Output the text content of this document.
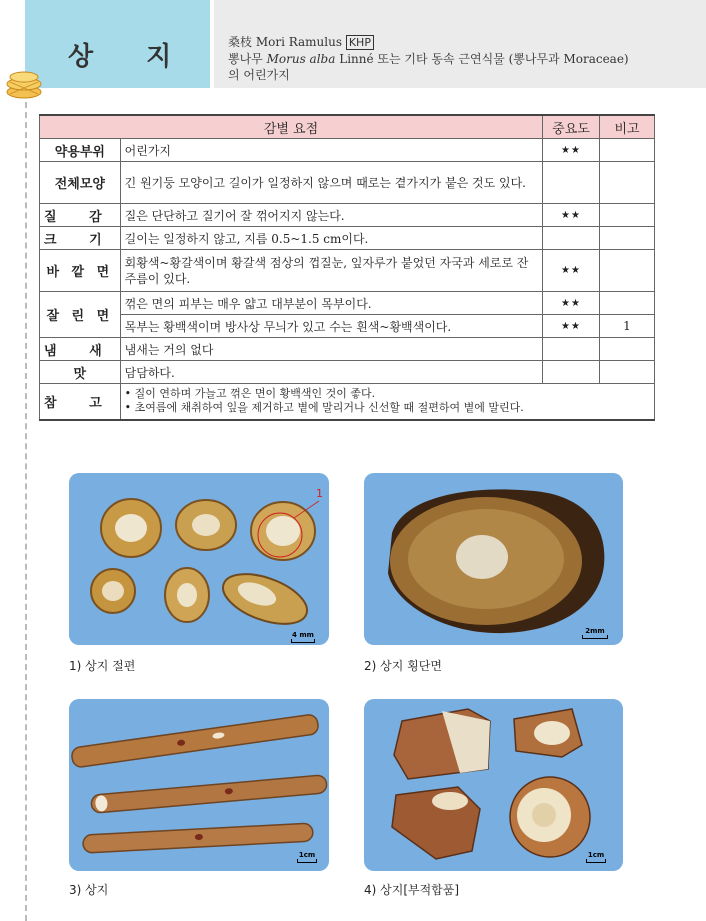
상 지	桑枝 Mori Ramulus KHP
뽕나무 Morus alba Linné 또는 기타 동속 근연식물 (뽕나무과 Moraceae)
의 어린가지
감별 요점		중요도	비고
약용부위	어린가지	★★	
전체모양	긴 원기둥 모양이고 길이가 일정하지 않으며 때로는 곁가지가 붙은 것도 있다.		
질 감	질은 단단하고 질기어 잘 꺾어지지 않는다.	★★	
크 기	길이는 일정하지 않고, 지름 0.5~1.5 cm이다.		
바 깥 면	회황색~황갈색이며 황갈색 점상의 껍질눈, 잎자루가 붙었던 자국과 세로로 잔주름이 있다.	★★	
잘 린 면	꺾은 면의 피부는 매우 얇고 대부분이 목부이다.	★★	
	목부는 황백색이며 방사상 무늬가 있고 수는 흰색~황백색이다.	★★	1
냄 새	냄새는 거의 없다		
맛	담담하다.		
참 고	• 질이 연하며 가늘고 꺾은 면이 황백색인 것이 좋다.
• 초여름에 채취하여 잎을 제거하고 볕에 말리거나 신선할 때 절편하여 볕에 말린다.		
1
4 mm
1) 상지 절편
2mm
2) 상지 횡단면
1cm
3) 상지
1cm
4) 상지[부적합품]
